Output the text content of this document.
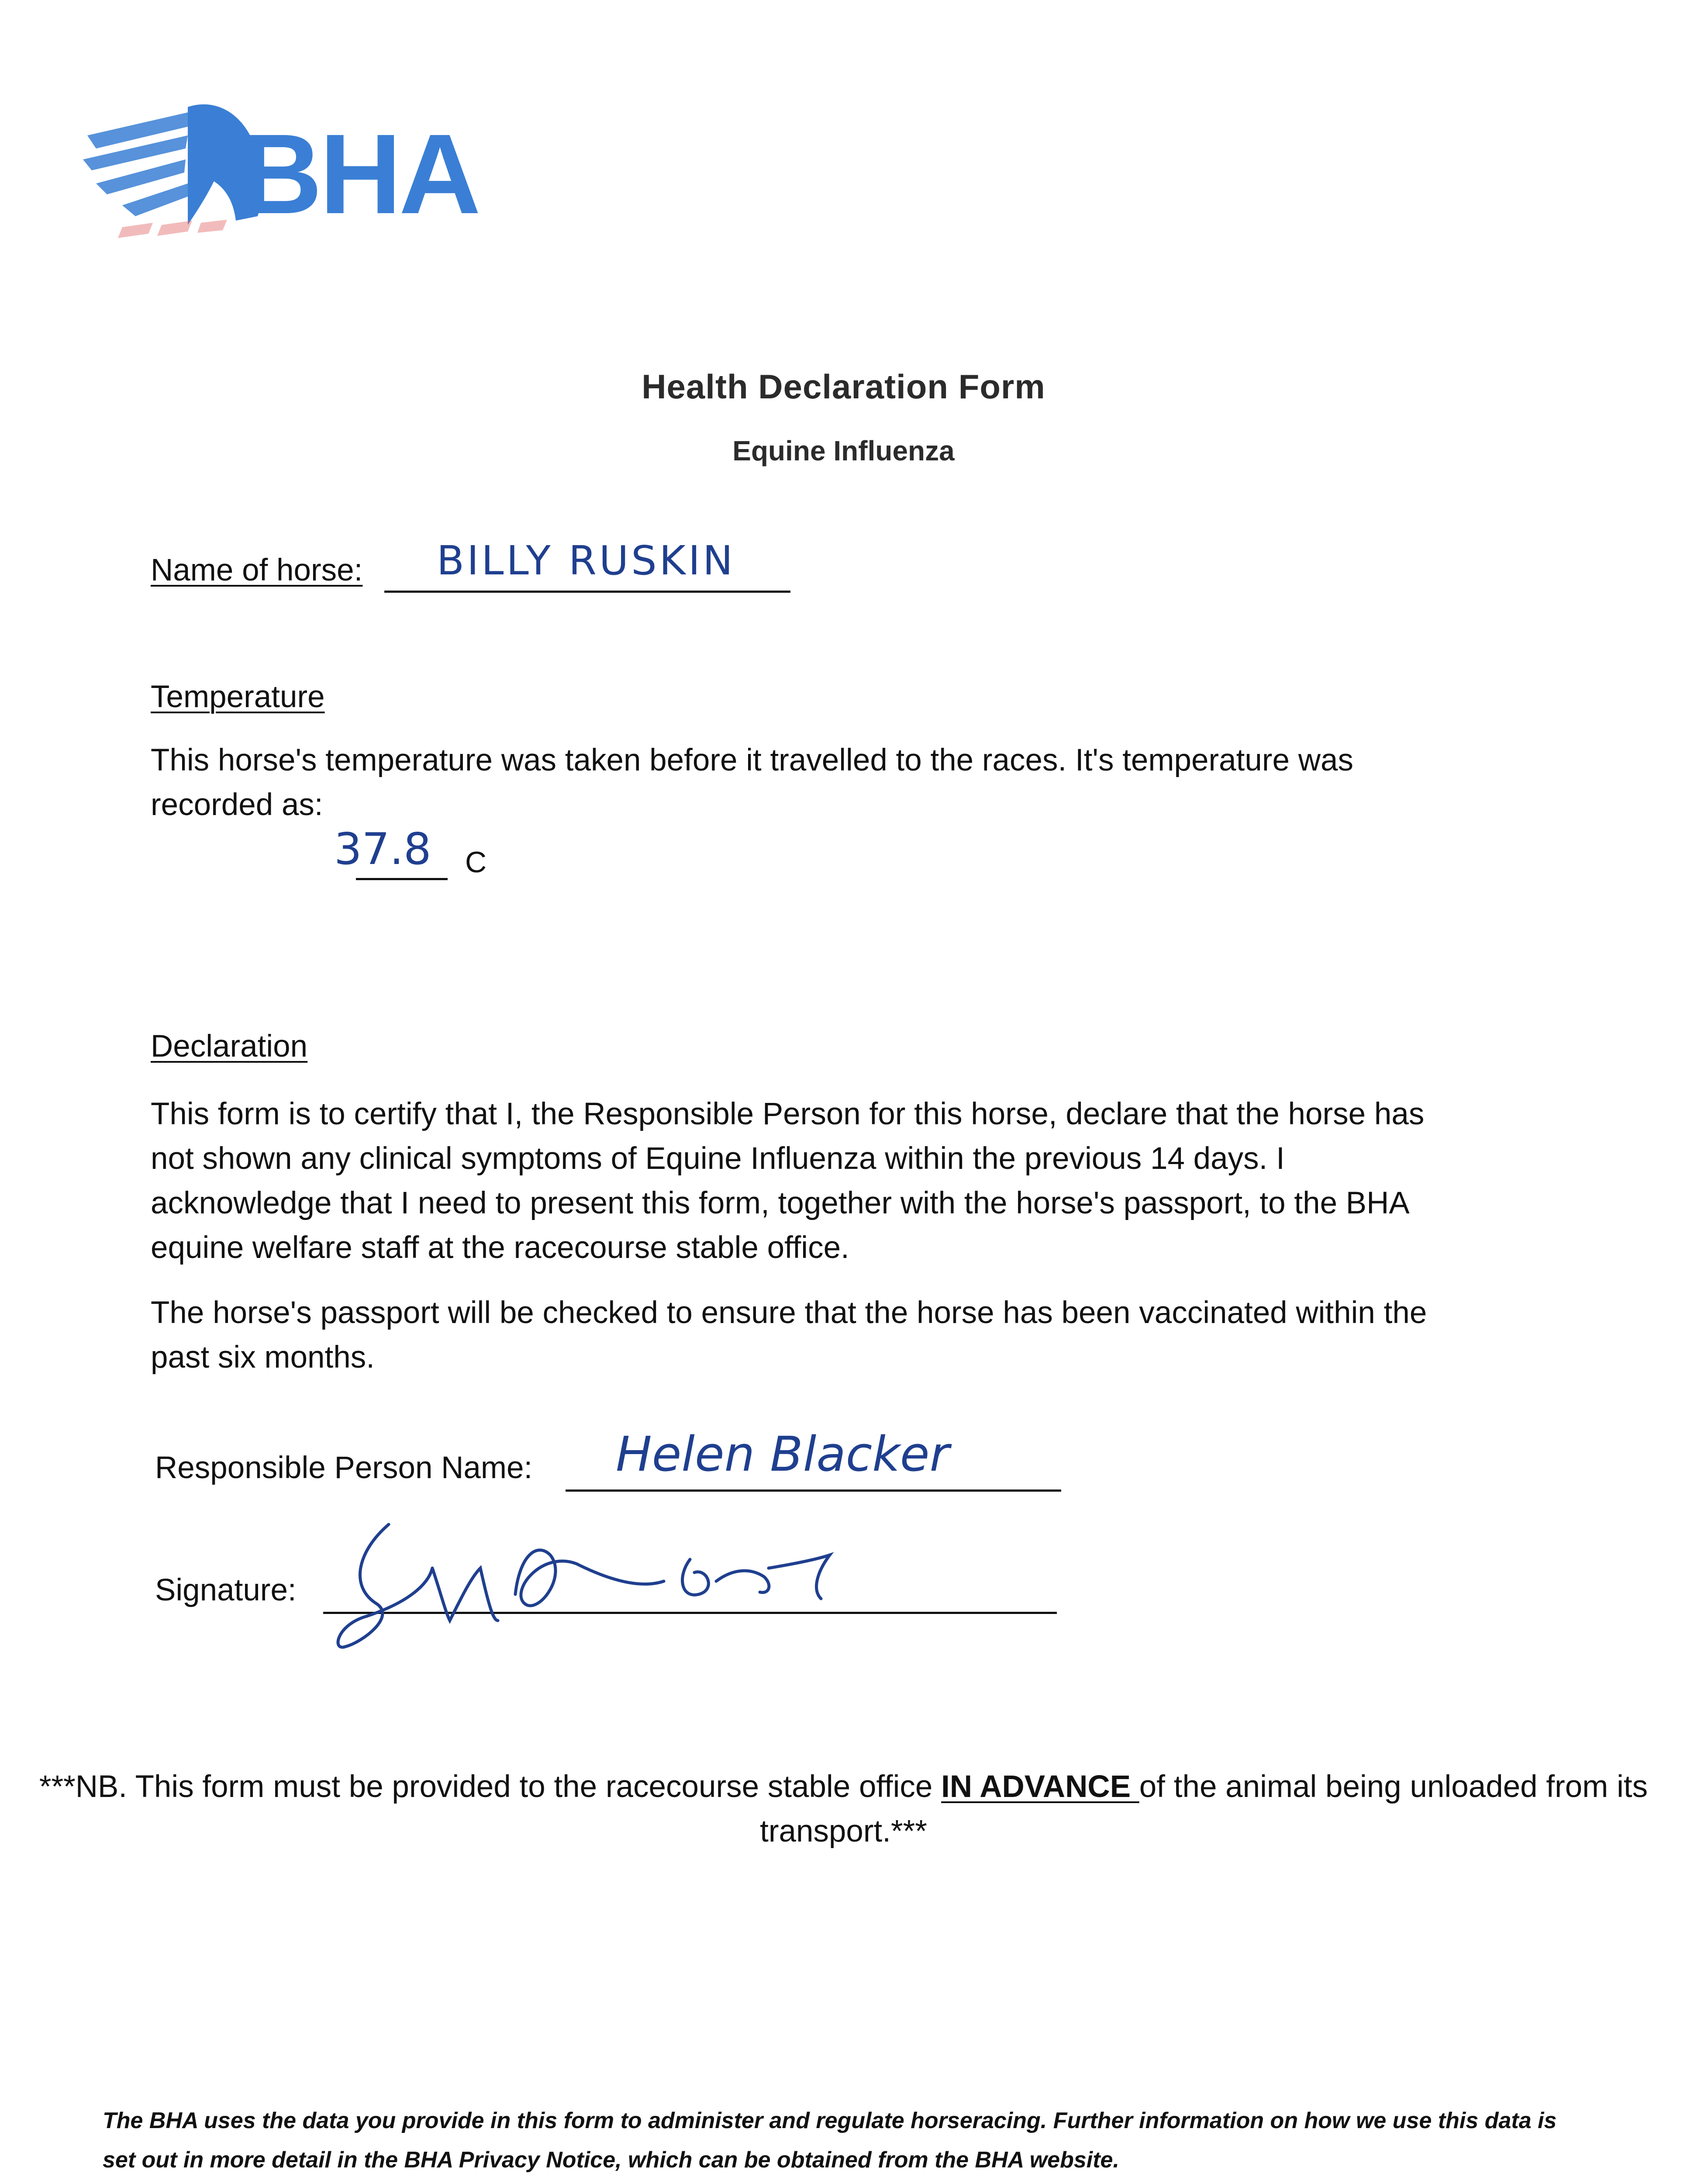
BHA
Health Declaration Form
Equine Influenza
Name of horse: BILLY RUSKIN
Temperature
This horse's temperature was taken before it travelled to the races. It's temperature was recorded as:
37.8 C
Declaration
This form is to certify that I, the Responsible Person for this horse, declare that the horse has not shown any clinical symptoms of Equine Influenza within the previous 14 days. I acknowledge that I need to present this form, together with the horse's passport, to the BHA equine welfare staff at the racecourse stable office.
The horse's passport will be checked to ensure that the horse has been vaccinated within the past six months.
Responsible Person Name: Helen Blacker
Signature:
***NB. This form must be provided to the racecourse stable office IN ADVANCE of the animal being unloaded from its transport.***
The BHA uses the data you provide in this form to administer and regulate horseracing. Further information on how we use this data is set out in more detail in the BHA Privacy Notice, which can be obtained from the BHA website.
